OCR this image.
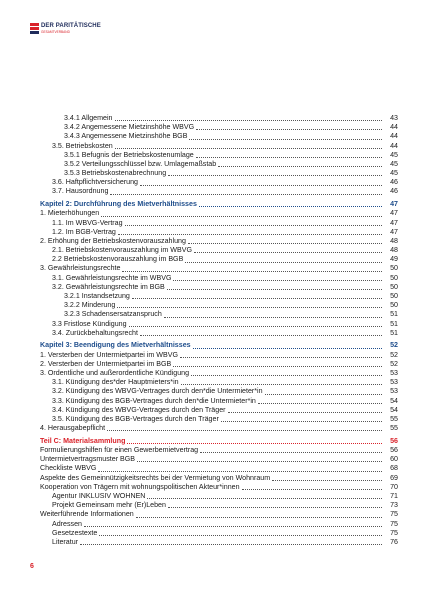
DER PARITÄTISCHE
GESAMTVERBAND
3.4.1 Allgemein	43
3.4.2 Angemessene Mietzinshöhe WBVG	44
3.4.3 Angemessene Mietzinshöhe BGB	44
3.5. Betriebskosten	44
3.5.1 Befugnis der Betriebskostenumlage	45
3.5.2 Verteilungsschlüssel bzw. Umlagemaßstab	45
3.5.3 Betriebskostenabrechnung	45
3.6. Haftpflichtversicherung	46
3.7. Hausordnung	46
Kapitel 2: Durchführung des Mietverhältnisses	47
1. Mieterhöhungen	47
1.1. Im WBVG-Vertrag	47
1.2. Im BGB-Vertrag	47
2. Erhöhung der Betriebskostenvorauszahlung	48
2.1. Betriebskostenvorauszahlung im WBVG	48
2.2 Betriebskostenvorauszahlung im BGB	49
3. Gewährleistungsrechte	50
3.1. Gewährleistungsrechte im WBVG	50
3.2. Gewährleistungsrechte im BGB	50
3.2.1 Instandsetzung	50
3.2.2 Minderung	50
3.2.3 Schadensersatzanspruch	51
3.3 Fristlose Kündigung	51
3.4. Zurückbehaltungsrecht	51
Kapitel 3: Beendigung des Mietverhältnisses	52
1. Versterben der Untermietpartei im WBVG	52
2. Versterben der Untermietpartei im BGB	52
3. Ordentliche und außerordentliche Kündigung	53
3.1. Kündigung des*der Hauptmieters*in	53
3.2. Kündigung des WBVG-Vertrages durch den*die Untermieter*in	53
3.3. Kündigung des BGB-Vertrages durch den*die Untermieter*in	54
3.4. Kündigung des WBVG-Vertrages durch den Träger	54
3.5. Kündigung des BGB-Vertrages durch den Träger	55
4. Herausgabepflicht	55
Teil C: Materialsammlung	56
Formulierungshilfen für einen Gewerbemietvertrag	56
Untermietvertragsmuster BGB	60
Checkliste WBVG	68
Aspekte des Gemeinnützigkeitsrechts bei der Vermietung von Wohnraum	69
Kooperation von Trägern mit wohnungspolitischen Akteur*innen	70
Agentur INKLUSIV WOHNEN	71
Projekt Gemeinsam mehr (Er)Leben	73
Weiterführende Informationen	75
Adressen	75
Gesetzestexte	75
Literatur	76
6
